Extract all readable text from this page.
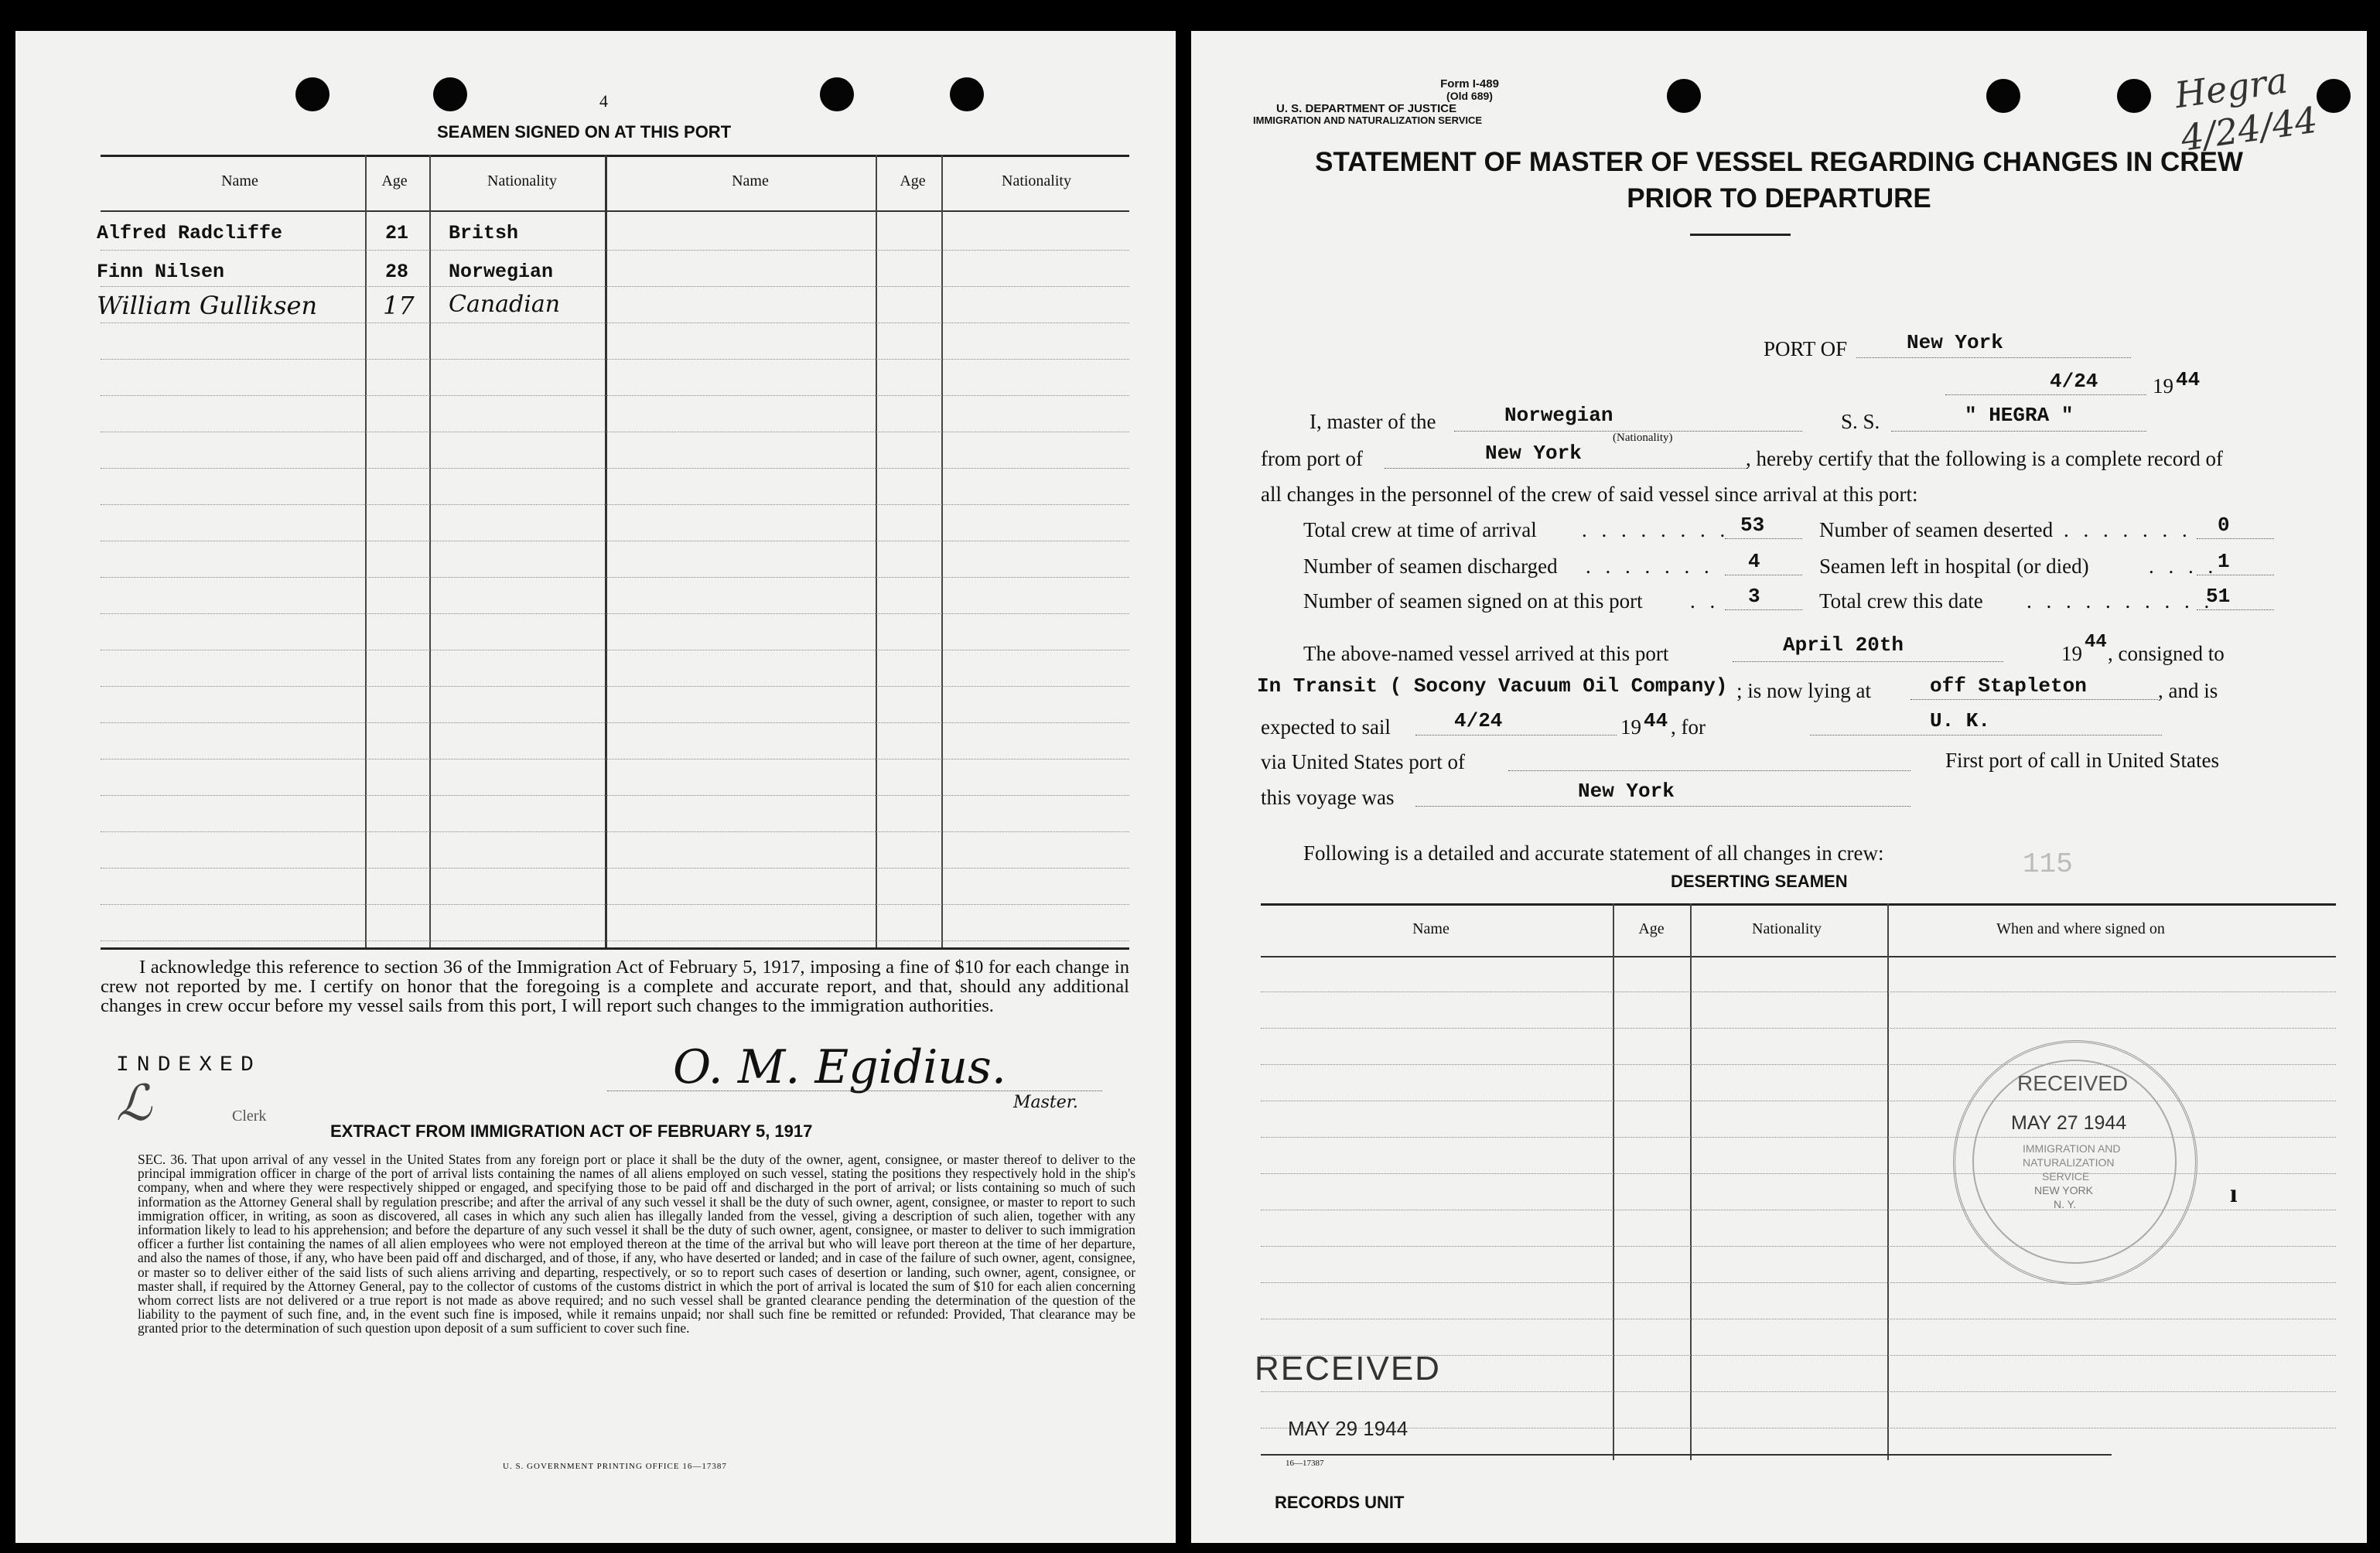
4
SEAMEN SIGNED ON AT THIS PORT
Name	Age	Nationality	Name	Age	Nationality
Alfred Radcliffe	21 Britsh
Finn Nilsen	28 Norwegian
William Gulliksen	17 Canadian
I acknowledge this reference to section 36 of the Immigration Act of February 5, 1917, imposing a fine of $10 for each change in crew not reported by me. I certify on honor that the foregoing is a complete and accurate report, and that, should any additional changes in crew occur before my vessel sails from this port, I will report such changes to the immigration authorities.
INDEXED
ℒ	Clerk
O. M. Egidius.
Master.
EXTRACT FROM IMMIGRATION ACT OF FEBRUARY 5, 1917
SEC. 36. That upon arrival of any vessel in the United States from any foreign port or place it shall be the duty of the owner, agent, consignee, or master thereof to deliver to the principal immigration officer in charge of the port of arrival lists containing the names of all aliens employed on such vessel, stating the positions they respectively hold in the ship's company, when and where they were respectively shipped or engaged, and specifying those to be paid off and discharged in the port of arrival; or lists containing so much of such information as the Attorney General shall by regulation prescribe; and after the arrival of any such vessel it shall be the duty of such owner, agent, consignee, or master to report to such immigration officer, in writing, as soon as discovered, all cases in which any such alien has illegally landed from the vessel, giving a description of such alien, together with any information likely to lead to his apprehension; and before the departure of any such vessel it shall be the duty of such owner, agent, consignee, or master to deliver to such immigration officer a further list containing the names of all alien employees who were not employed thereon at the time of the arrival but who will leave port thereon at the time of her departure, and also the names of those, if any, who have been paid off and discharged, and of those, if any, who have deserted or landed; and in case of the failure of such owner, agent, consignee, or master so to deliver either of the said lists of such aliens arriving and departing, respectively, or so to report such cases of desertion or landing, such owner, agent, consignee, or master shall, if required by the Attorney General, pay to the collector of customs of the customs district in which the port of arrival is located the sum of $10 for each alien concerning whom correct lists are not delivered or a true report is not made as above required; and no such vessel shall be granted clearance pending the determination of the question of the liability to the payment of such fine, and, in the event such fine is imposed, while it remains unpaid; nor shall such fine be remitted or refunded: Provided, That clearance may be granted prior to the determination of such question upon deposit of a sum sufficient to cover such fine.
U. S. GOVERNMENT PRINTING OFFICE 16—17387
Form I-489
(Old 689)
U. S. DEPARTMENT OF JUSTICE
IMMIGRATION AND NATURALIZATION SERVICE
Hegra 4/24/44
STATEMENT OF MASTER OF VESSEL REGARDING CHANGES IN CREW
PRIOR TO DEPARTURE
PORT OF	New York
4/24	19 44
I, master of the	Norwegian
(Nationality)
S. S.	" HEGRA "
from port of	New York	, hereby certify that the following is a complete record of
all changes in the personnel of the crew of said vessel since arrival at this port:
Total crew at time of arrival . . . . . . . . 53
Number of seamen discharged . . . . . . . 4
Number of seamen signed on at this port . . 3
Number of seamen deserted . . . . . . . 0
Seamen left in hospital (or died)	. . . . 1
Total crew this date . . . . . . . . . .
51
The above-named vessel arrived at this port	April 20th	19 44 , consigned to
In Transit ( Socony Vacuum Oil Company) ; is now lying at	off Stapleton	, and is
expected to sail	4/24	19 44 , for	U. K.
via United States port of	First port of call in United States
this voyage was	New York
Following is a detailed and accurate statement of all changes in crew:	115
DESERTING SEAMEN
Name	Age	Nationality	When and where signed on
RECEIVED
MAY 27 1944
IMMIGRATION AND
NATURALIZATION
SERVICE
NEW YORK
N. Y.	ı
RECEIVED
MAY 29 1944
16—17387
RECORDS UNIT
